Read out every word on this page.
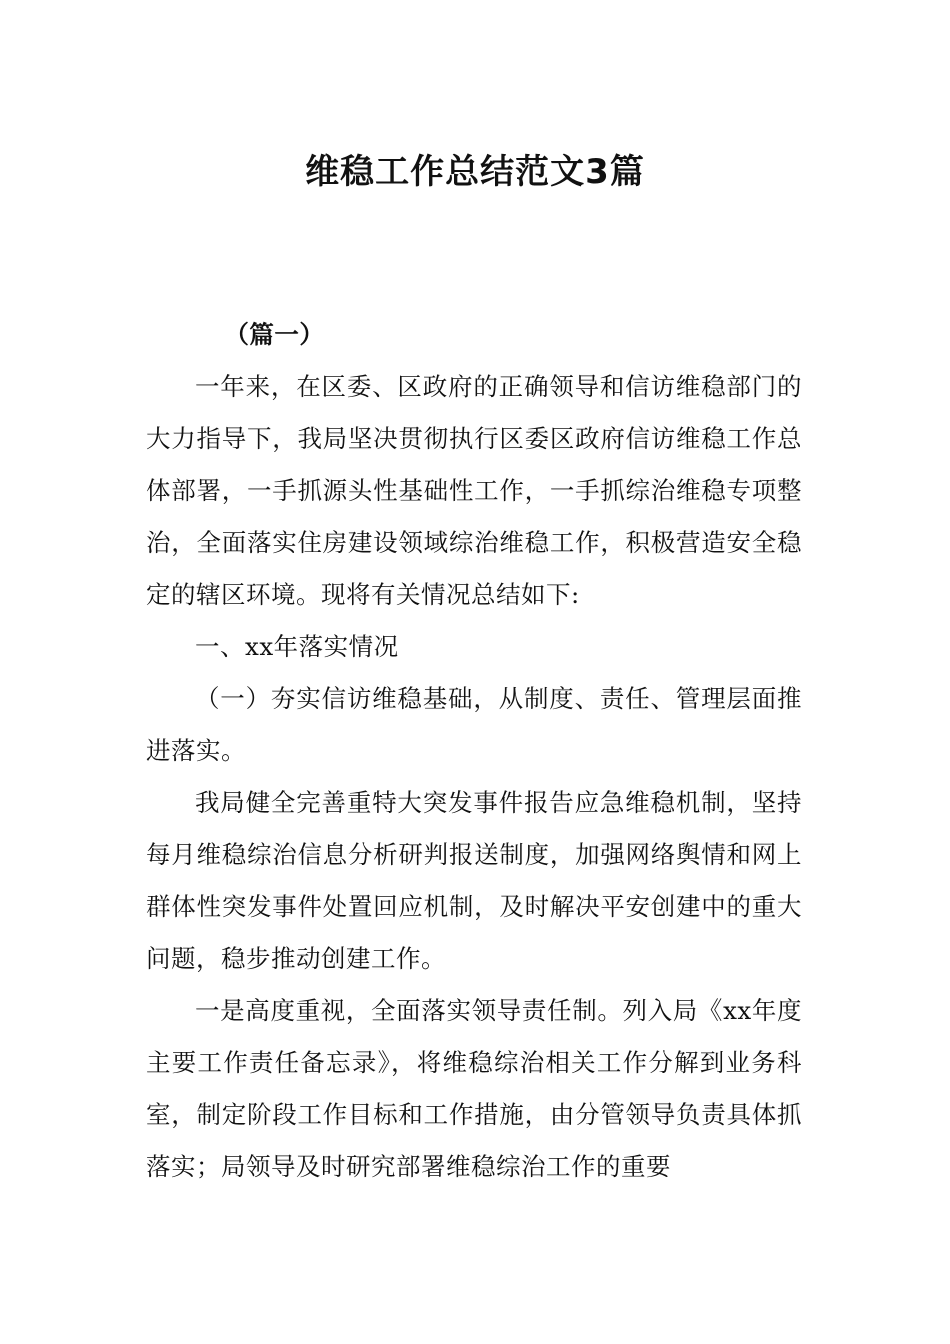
维稳工作总结范文3篇

（篇一）

一年来，在区委、区政府的正确领导和信访维稳部门的大力指导下，我局坚决贯彻执行区委区政府信访维稳工作总体部署，一手抓源头性基础性工作，一手抓综治维稳专项整治，全面落实住房建设领域综治维稳工作，积极营造安全稳定的辖区环境。现将有关情况总结如下:

一、xx年落实情况

（一）夯实信访维稳基础，从制度、责任、管理层面推进落实。

我局健全完善重特大突发事件报告应急维稳机制，坚持每月维稳综治信息分析研判报送制度，加强网络舆情和网上群体性突发事件处置回应机制，及时解决平安创建中的重大问题，稳步推动创建工作。

一是高度重视，全面落实领导责任制。列入局《xx年度主要工作责任备忘录》，将维稳综治相关工作分解到业务科室，制定阶段工作目标和工作措施，由分管领导负责具体抓落实；局领导及时研究部署维稳综治工作的重要
